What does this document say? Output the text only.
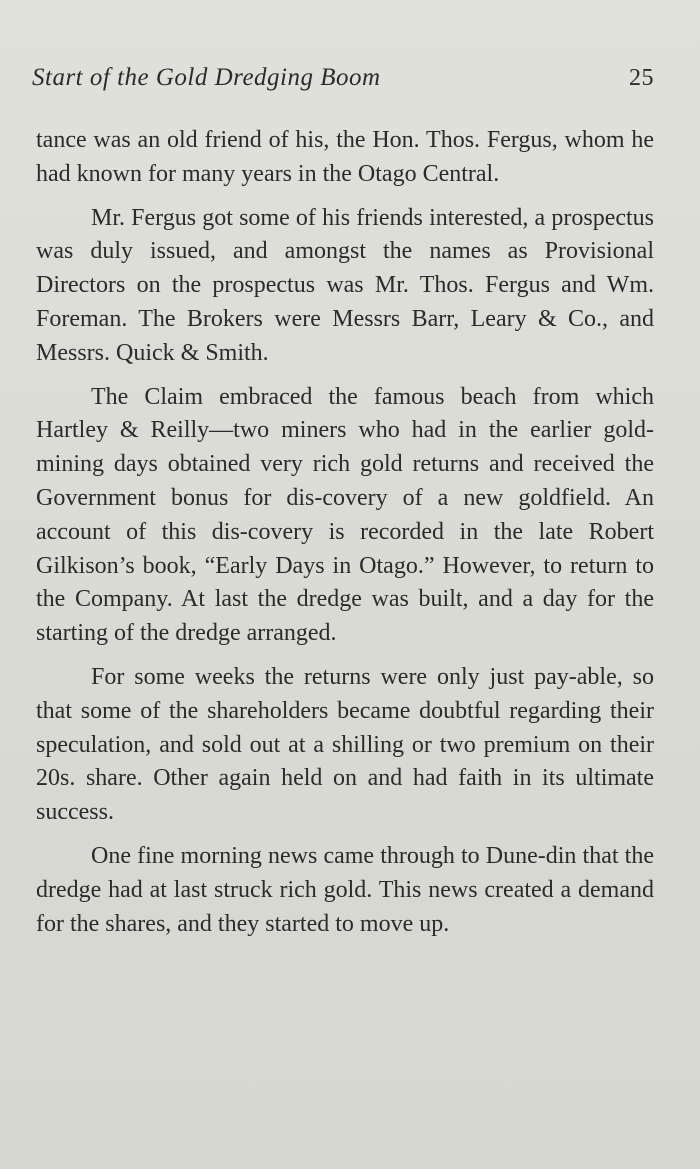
Start of the Gold Dredging Boom	25

tance was an old friend of his, the Hon. Thos. Fergus, whom he had known for many years in the Otago Central.

Mr. Fergus got some of his friends interested, a prospectus was duly issued, and amongst the names as Provisional Directors on the prospectus was Mr. Thos. Fergus and Wm. Foreman. The Brokers were Messrs Barr, Leary & Co., and Messrs. Quick & Smith.

The Claim embraced the famous beach from which Hartley & Reilly—two miners who had in the earlier gold-mining days obtained very rich gold returns and received the Government bonus for dis-covery of a new goldfield. An account of this dis-covery is recorded in the late Robert Gilkison’s book, “Early Days in Otago.” However, to return to the Company. At last the dredge was built, and a day for the starting of the dredge arranged.

For some weeks the returns were only just pay-able, so that some of the shareholders became doubtful regarding their speculation, and sold out at a shilling or two premium on their 20s. share. Other again held on and had faith in its ultimate success.

One fine morning news came through to Dune-din that the dredge had at last struck rich gold. This news created a demand for the shares, and they started to move up.
